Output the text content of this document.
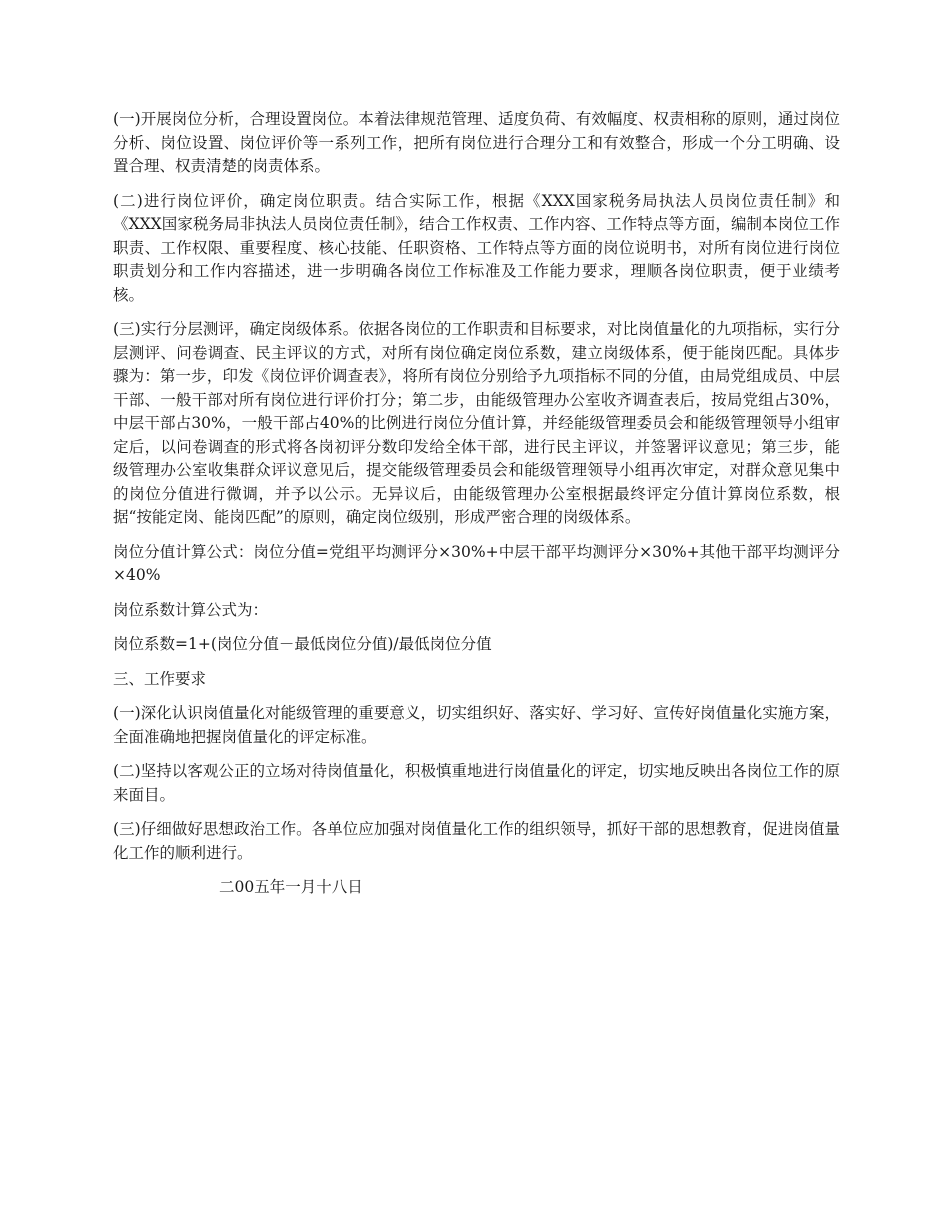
(一)开展岗位分析，合理设置岗位。本着法律规范管理、适度负荷、有效幅度、权责相称的原则，通过岗位分析、岗位设置、岗位评价等一系列工作，把所有岗位进行合理分工和有效整合，形成一个分工明确、设置合理、权责清楚的岗责体系。

(二)进行岗位评价，确定岗位职责。结合实际工作，根据《XXX国家税务局执法人员岗位责任制》和《XXX国家税务局非执法人员岗位责任制》，结合工作权责、工作内容、工作特点等方面，编制本岗位工作职责、工作权限、重要程度、核心技能、任职资格、工作特点等方面的岗位说明书，对所有岗位进行岗位职责划分和工作内容描述，进一步明确各岗位工作标准及工作能力要求，理顺各岗位职责，便于业绩考核。

(三)实行分层测评，确定岗级体系。依据各岗位的工作职责和目标要求，对比岗值量化的九项指标，实行分层测评、问卷调查、民主评议的方式，对所有岗位确定岗位系数，建立岗级体系，便于能岗匹配。具体步骤为：第一步，印发《岗位评价调查表》，将所有岗位分别给予九项指标不同的分值，由局党组成员、中层干部、一般干部对所有岗位进行评价打分；第二步，由能级管理办公室收齐调查表后，按局党组占30%，中层干部占30%，一般干部占40%的比例进行岗位分值计算，并经能级管理委员会和能级管理领导小组审定后，以问卷调查的形式将各岗初评分数印发给全体干部，进行民主评议，并签署评议意见；第三步，能级管理办公室收集群众评议意见后，提交能级管理委员会和能级管理领导小组再次审定，对群众意见集中的岗位分值进行微调，并予以公示。无异议后，由能级管理办公室根据最终评定分值计算岗位系数，根据“按能定岗、能岗匹配”的原则，确定岗位级别，形成严密合理的岗级体系。

岗位分值计算公式：岗位分值=党组平均测评分×30%+中层干部平均测评分×30%+其他干部平均测评分×40%

岗位系数计算公式为：

岗位系数=1+(岗位分值－最低岗位分值)/最低岗位分值

三、工作要求

(一)深化认识岗值量化对能级管理的重要意义，切实组织好、落实好、学习好、宣传好岗值量化实施方案，全面准确地把握岗值量化的评定标准。

(二)坚持以客观公正的立场对待岗值量化，积极慎重地进行岗值量化的评定，切实地反映出各岗位工作的原来面目。

(三)仔细做好思想政治工作。各单位应加强对岗值量化工作的组织领导，抓好干部的思想教育，促进岗值量化工作的顺利进行。

二00五年一月十八日
